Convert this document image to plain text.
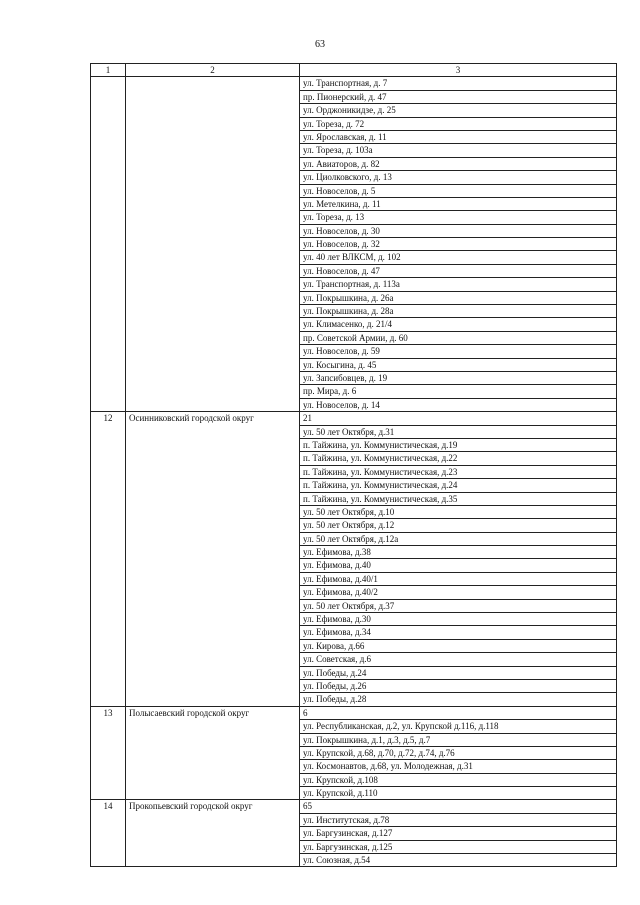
63
1	2	3
		ул. Транспортная, д. 7
		пр. Пионерский, д. 47
		ул. Орджоникидзе, д. 25
		ул. Тореза, д. 72
		ул. Ярославская, д. 11
		ул. Тореза, д. 103а
		ул. Авиаторов, д. 82
		ул. Циолковского, д. 13
		ул. Новоселов, д. 5
		ул. Метелкина, д. 11
		ул. Тореза, д. 13
		ул. Новоселов, д. 30
		ул. Новоселов, д. 32
		ул. 40 лет ВЛКСМ, д. 102
		ул. Новоселов, д. 47
		ул. Транспортная, д. 113а
		ул. Покрышкина, д. 26а
		ул. Покрышкина, д. 28а
		ул. Климасенко, д. 21/4
		пр. Советской Армии, д. 60
		ул. Новоселов, д. 59
		ул. Косыгина, д. 45
		ул. Запсибовцев, д. 19
		пр. Мира, д. 6
		ул. Новоселов, д. 14
12	Осинниковский городской округ	21
		ул. 50 лет Октября, д.31
		п. Тайжина, ул. Коммунистическая, д.19
		п. Тайжина, ул. Коммунистическая, д.22
		п. Тайжина, ул. Коммунистическая, д.23
		п. Тайжина, ул. Коммунистическая, д.24
		п. Тайжина, ул. Коммунистическая, д.35
		ул. 50 лет Октября, д.10
		ул. 50 лет Октября, д.12
		ул. 50 лет Октября, д.12а
		ул. Ефимова, д.38
		ул. Ефимова, д.40
		ул. Ефимова, д.40/1
		ул. Ефимова, д.40/2
		ул. 50 лет Октября, д.37
		ул. Ефимова, д.30
		ул. Ефимова, д.34
		ул. Кирова, д.66
		ул. Советская, д.6
		ул. Победы, д.24
		ул. Победы, д.26
		ул. Победы, д.28
13	Полысаевский городской округ	6
		ул. Республиканская, д.2, ул. Крупской д.116, д.118
		ул. Покрышкина, д.1, д.3, д.5, д.7
		ул. Крупской, д.68, д.70, д.72, д.74, д.76
		ул. Космонавтов, д.68, ул. Молодежная, д.31
		ул. Крупской, д.108
		ул. Крупской, д.110
14	Прокопьевский городской округ	65
		ул. Институтская, д.78
		ул. Баргузинская, д.127
		ул. Баргузинская, д.125
		ул. Союзная, д.54
